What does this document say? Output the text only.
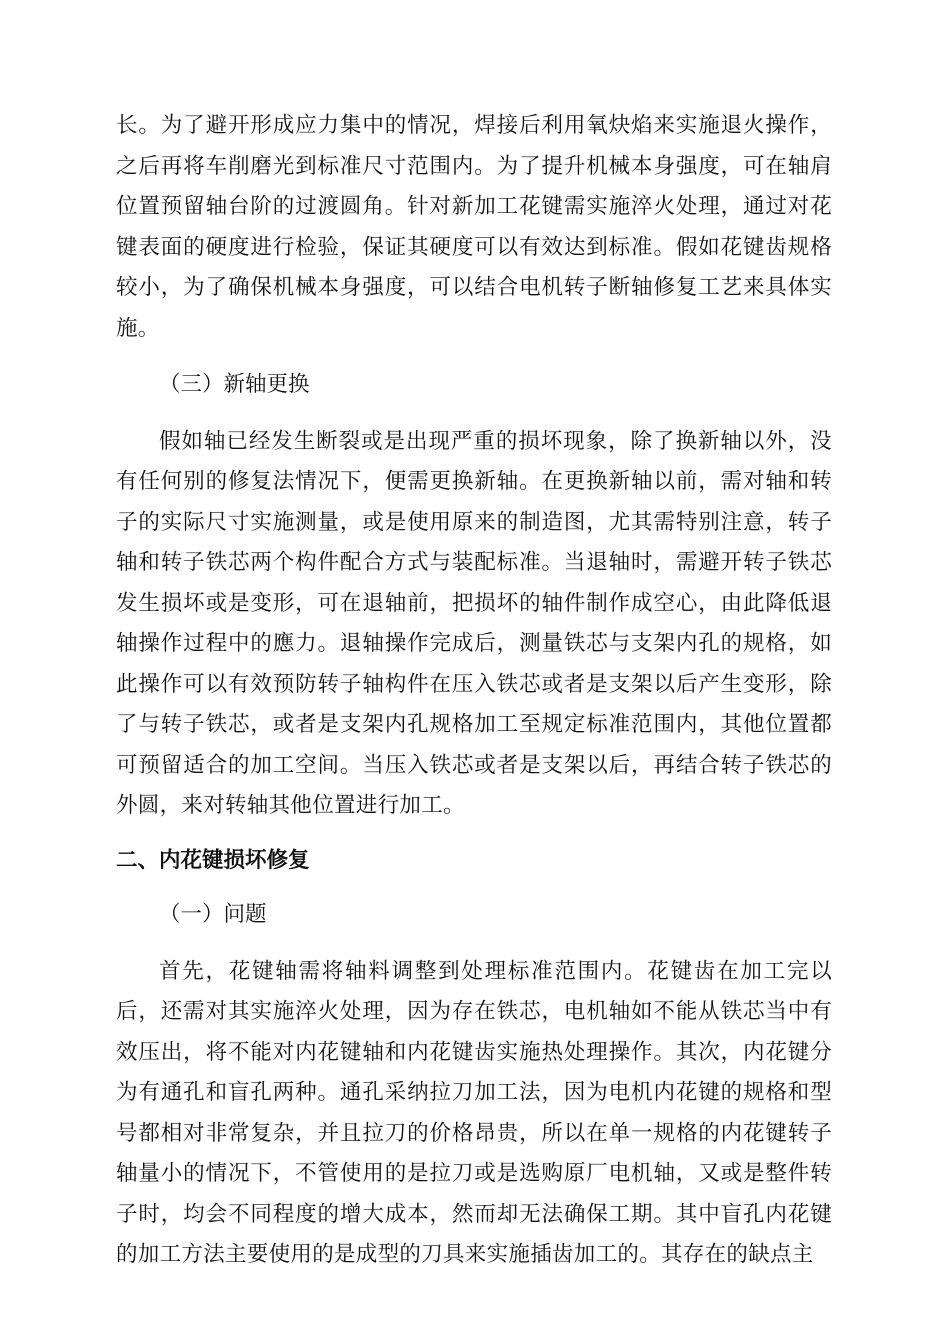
长。为了避开形成应力集中的情况，焊接后利用氧炔焰来实施退火操作，之后再将车削磨光到标准尺寸范围内。为了提升机械本身强度，可在轴肩位置预留轴台阶的过渡圆角。针对新加工花键需实施淬火处理，通过对花键表面的硬度进行检验，保证其硬度可以有效达到标准。假如花键齿规格较小，为了确保机械本身强度，可以结合电机转子断轴修复工艺来具体实施。

（三）新轴更换

假如轴已经发生断裂或是出现严重的损坏现象，除了换新轴以外，没有任何别的修复法情况下，便需更换新轴。在更换新轴以前，需对轴和转子的实际尺寸实施测量，或是使用原来的制造图，尤其需特别注意，转子轴和转子铁芯两个构件配合方式与装配标准。当退轴时，需避开转子铁芯发生损坏或是变形，可在退轴前，把损坏的轴件制作成空心，由此降低退轴操作过程中的應力。退轴操作完成后，测量铁芯与支架内孔的规格，如此操作可以有效预防转子轴构件在压入铁芯或者是支架以后产生变形，除了与转子铁芯，或者是支架内孔规格加工至规定标准范围内，其他位置都可预留适合的加工空间。当压入铁芯或者是支架以后，再结合转子铁芯的外圆，来对转轴其他位置进行加工。

二、内花键损坏修复

（一）问题

首先，花键轴需将轴料调整到处理标准范围内。花键齿在加工完以后，还需对其实施淬火处理，因为存在铁芯，电机轴如不能从铁芯当中有效压出，将不能对内花键轴和内花键齿实施热处理操作。其次，内花键分为有通孔和盲孔两种。通孔采纳拉刀加工法，因为电机内花键的规格和型号都相对非常复杂，并且拉刀的价格昂贵，所以在单一规格的内花键转子轴量小的情况下，不管使用的是拉刀或是选购原厂电机轴，又或是整件转子时，均会不同程度的增大成本，然而却无法确保工期。其中盲孔内花键的加工方法主要使用的是成型的刀具来实施插齿加工的。其存在的缺点主
